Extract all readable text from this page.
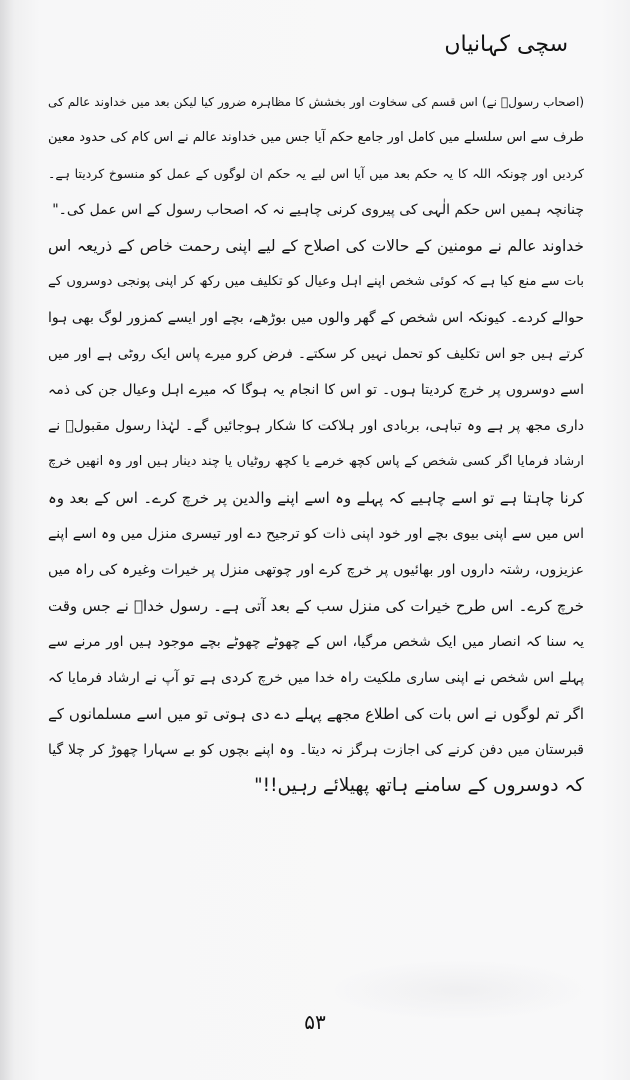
سچی کہانیاں

(اصحاب رسولؐ نے) اس قسم کی سخاوت اور بخشش کا مظاہرہ ضرور کیا لیکن بعد میں خداوند عالم کی
طرف سے اس سلسلے میں کامل اور جامع حکم آیا جس میں خداوند عالم نے اس کام کی حدود معین
کردیں اور چونکہ اللہ کا یہ حکم بعد میں آیا اس لیے یہ حکم ان لوگوں کے عمل کو منسوخ کردیتا ہے۔
چنانچہ ہمیں اس حکم الٰہی کی پیروی کرنی چاہیے نہ کہ اصحاب رسول کے اس عمل کی۔"

خداوند عالم نے مومنین کے حالات کی اصلاح کے لیے اپنی رحمت خاص کے ذریعہ اس
بات سے منع کیا ہے کہ کوئی شخص اپنے اہل وعیال کو تکلیف میں رکھ کر اپنی پونجی دوسروں کے
حوالے کردے۔ کیونکہ اس شخص کے گھر والوں میں بوڑھے، بچے اور ایسے کمزور لوگ بھی ہوا
کرتے ہیں جو اس تکلیف کو تحمل نہیں کر سکتے۔ فرض کرو میرے پاس ایک روٹی ہے اور میں
اسے دوسروں پر خرچ کردیتا ہوں۔ تو اس کا انجام یہ ہوگا کہ میرے اہل وعیال جن کی ذمہ
داری مجھ پر ہے وہ تباہی، بربادی اور ہلاکت کا شکار ہوجائیں گے۔ لہٰذا رسول مقبولؐ نے
ارشاد فرمایا اگر کسی شخص کے پاس کچھ خرمے یا کچھ روٹیاں یا چند دینار ہیں اور وہ انھیں خرچ
کرنا چاہتا ہے تو اسے چاہیے کہ پہلے وہ اسے اپنے والدین پر خرچ کرے۔ اس کے بعد وہ
اس میں سے اپنی بیوی بچے اور خود اپنی ذات کو ترجیح دے اور تیسری منزل میں وہ اسے اپنے
عزیزوں، رشتہ داروں اور بھائیوں پر خرچ کرے اور چوتھی منزل پر خیرات وغیرہ کی راہ میں
خرچ کرے۔ اس طرح خیرات کی منزل سب کے بعد آتی ہے۔ رسول خداؐ نے جس وقت
یہ سنا کہ انصار میں ایک شخص مرگیا، اس کے چھوٹے چھوٹے بچے موجود ہیں اور مرنے سے
پہلے اس شخص نے اپنی ساری ملکیت راہ خدا میں خرچ کردی ہے تو آپ نے ارشاد فرمایا کہ
اگر تم لوگوں نے اس بات کی اطلاع مجھے پہلے دے دی ہوتی تو میں اسے مسلمانوں کے
قبرستان میں دفن کرنے کی اجازت ہرگز نہ دیتا۔ وہ اپنے بچوں کو بے سہارا چھوڑ کر چلا گیا
کہ دوسروں کے سامنے ہاتھ پھیلائے رہیں!!"

۵۳
